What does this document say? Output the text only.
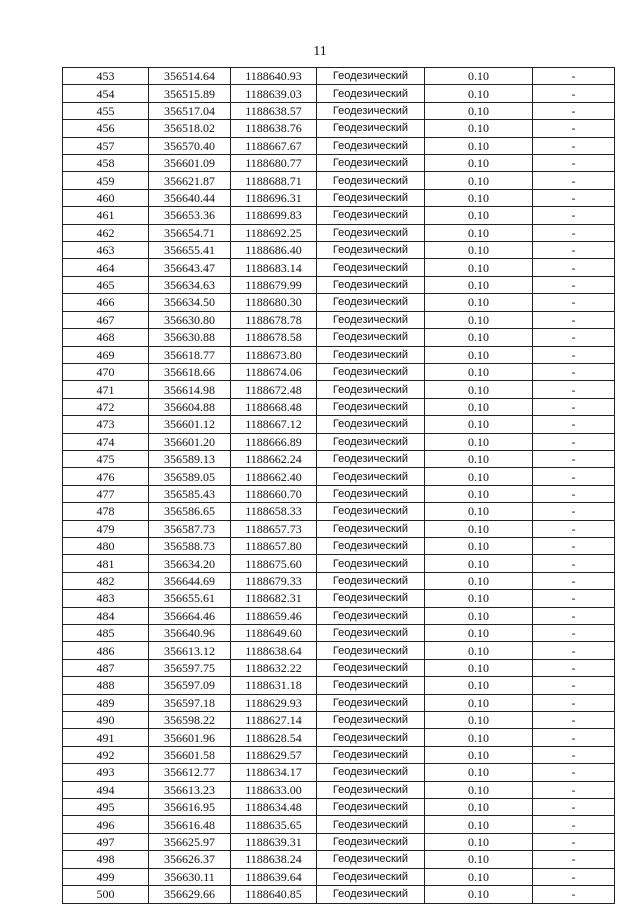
11
453	356514.64	1188640.93	Геодезический	0.10	-
454	356515.89	1188639.03	Геодезический	0.10	-
455	356517.04	1188638.57	Геодезический	0.10	-
456	356518.02	1188638.76	Геодезический	0.10	-
457	356570.40	1188667.67	Геодезический	0.10	-
458	356601.09	1188680.77	Геодезический	0.10	-
459	356621.87	1188688.71	Геодезический	0.10	-
460	356640.44	1188696.31	Геодезический	0.10	-
461	356653.36	1188699.83	Геодезический	0.10	-
462	356654.71	1188692.25	Геодезический	0.10	-
463	356655.41	1188686.40	Геодезический	0.10	-
464	356643.47	1188683.14	Геодезический	0.10	-
465	356634.63	1188679.99	Геодезический	0.10	-
466	356634.50	1188680.30	Геодезический	0.10	-
467	356630.80	1188678.78	Геодезический	0.10	-
468	356630.88	1188678.58	Геодезический	0.10	-
469	356618.77	1188673.80	Геодезический	0.10	-
470	356618.66	1188674.06	Геодезический	0.10	-
471	356614.98	1188672.48	Геодезический	0.10	-
472	356604.88	1188668.48	Геодезический	0.10	-
473	356601.12	1188667.12	Геодезический	0.10	-
474	356601.20	1188666.89	Геодезический	0.10	-
475	356589.13	1188662.24	Геодезический	0.10	-
476	356589.05	1188662.40	Геодезический	0.10	-
477	356585.43	1188660.70	Геодезический	0.10	-
478	356586.65	1188658.33	Геодезический	0.10	-
479	356587.73	1188657.73	Геодезический	0.10	-
480	356588.73	1188657.80	Геодезический	0.10	-
481	356634.20	1188675.60	Геодезический	0.10	-
482	356644.69	1188679.33	Геодезический	0.10	-
483	356655.61	1188682.31	Геодезический	0.10	-
484	356664.46	1188659.46	Геодезический	0.10	-
485	356640.96	1188649.60	Геодезический	0.10	-
486	356613.12	1188638.64	Геодезический	0.10	-
487	356597.75	1188632.22	Геодезический	0.10	-
488	356597.09	1188631.18	Геодезический	0.10	-
489	356597.18	1188629.93	Геодезический	0.10	-
490	356598.22	1188627.14	Геодезический	0.10	-
491	356601.96	1188628.54	Геодезический	0.10	-
492	356601.58	1188629.57	Геодезический	0.10	-
493	356612.77	1188634.17	Геодезический	0.10	-
494	356613.23	1188633.00	Геодезический	0.10	-
495	356616.95	1188634.48	Геодезический	0.10	-
496	356616.48	1188635.65	Геодезический	0.10	-
497	356625.97	1188639.31	Геодезический	0.10	-
498	356626.37	1188638.24	Геодезический	0.10	-
499	356630.11	1188639.64	Геодезический	0.10	-
500	356629.66	1188640.85	Геодезический	0.10	-
